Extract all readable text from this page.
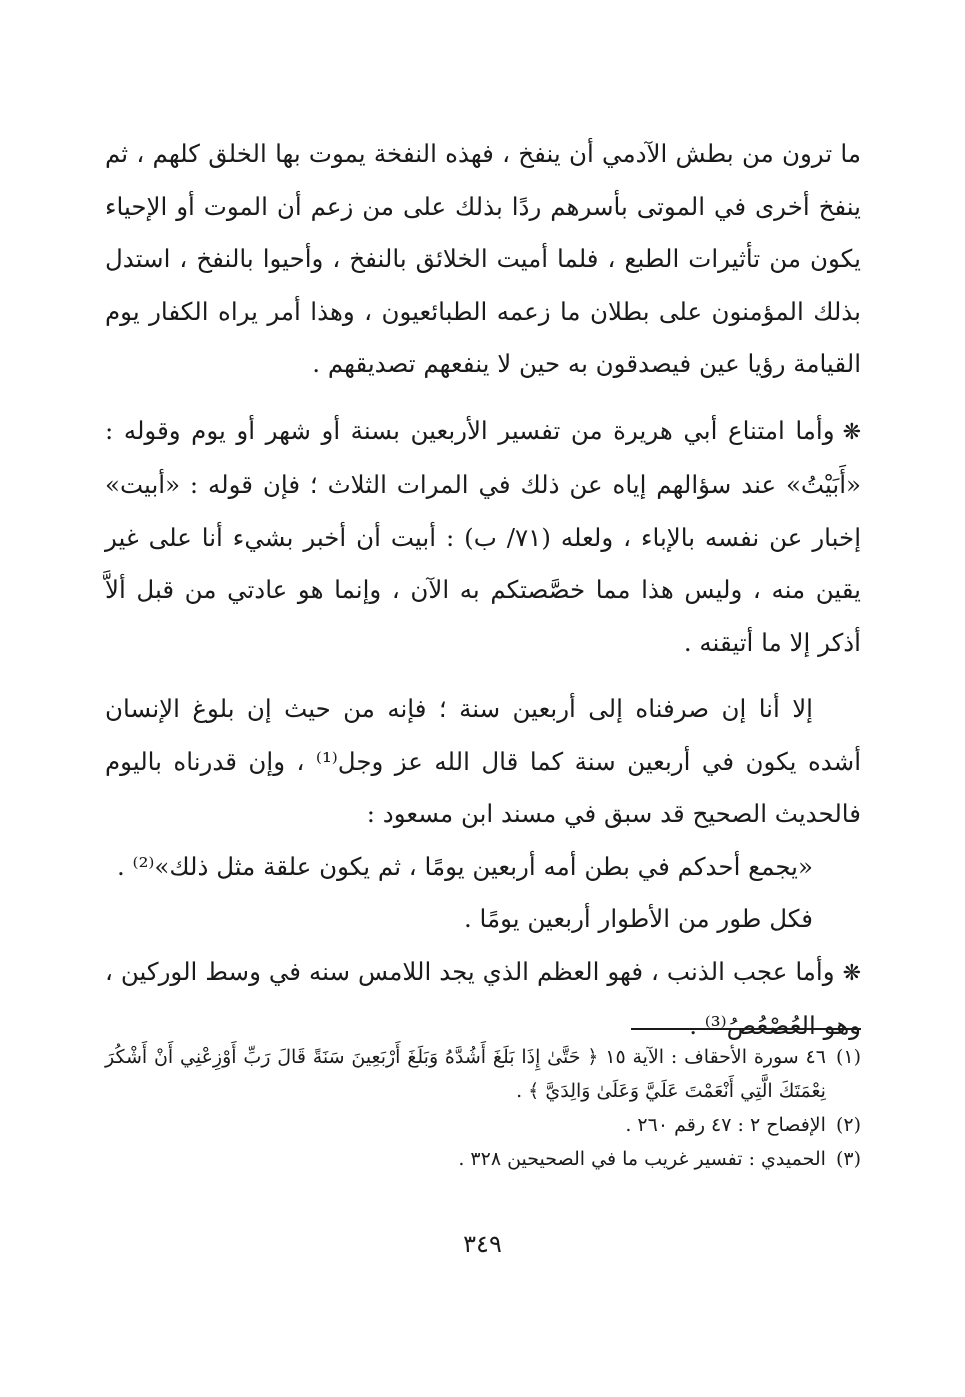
ما ترون من بطش الآدمي أن ينفخ ، فهذه النفخة يموت بها الخلق كلهم ، ثم ينفخ أخرى في الموتى بأسرهم ردًا بذلك على من زعم أن الموت أو الإحياء يكون من تأثيرات الطبع ، فلما أميت الخلائق بالنفخ ، وأحيوا بالنفخ ، استدل بذلك المؤمنون على بطلان ما زعمه الطبائعيون ، وهذا أمر يراه الكفار يوم القيامة رؤيا عين فيصدقون به حين لا ينفعهم تصديقهم .

❋وأما امتناع أبي هريرة من تفسير الأربعين بسنة أو شهر أو يوم وقوله : «أَبَيْتُ» عند سؤالهم إياه عن ذلك في المرات الثلاث ؛ فإن قوله : «أبيت» إخبار عن نفسه بالإباء ، ولعله (٧١/ ب) : أبيت أن أخبر بشيء أنا على غير يقين منه ، وليس هذا مما خصَّصتكم به الآن ، وإنما هو عادتي من قبل ألاَّ أذكر إلا ما أتيقنه .

إلا أنا إن صرفناه إلى أربعين سنة ؛ فإنه من حيث إن بلوغ الإنسان أشده يكون في أربعين سنة كما قال الله عز وجل⁽¹⁾ ، وإن قدرناه باليوم فالحديث الصحيح قد سبق في مسند ابن مسعود :

«يجمع أحدكم في بطن أمه أربعين يومًا ، ثم يكون علقة مثل ذلك»⁽²⁾ .

فكل طور من الأطوار أربعين يومًا .

❋وأما عجب الذنب ، فهو العظم الذي يجد اللامس سنه في وسط الوركين ، وهو العُصْعُصُ⁽³⁾ .

(١)
٤٦ سورة الأحقاف : الآية ١٥ ﴿ حَتَّىٰ إِذَا بَلَغَ أَشُدَّهُ وَبَلَغَ أَرْبَعِينَ سَنَةً قَالَ رَبِّ أَوْزِعْنِي أَنْ أَشْكُرَ نِعْمَتَكَ الَّتِي أَنْعَمْتَ عَلَيَّ وَعَلَىٰ وَالِدَيَّ ﴾ .
(٢)
الإفصاح ٢ : ٤٧ رقم ٢٦٠ .
(٣)
الحميدي : تفسير غريب ما في الصحيحين ٣٢٨ .
٣٤٩
